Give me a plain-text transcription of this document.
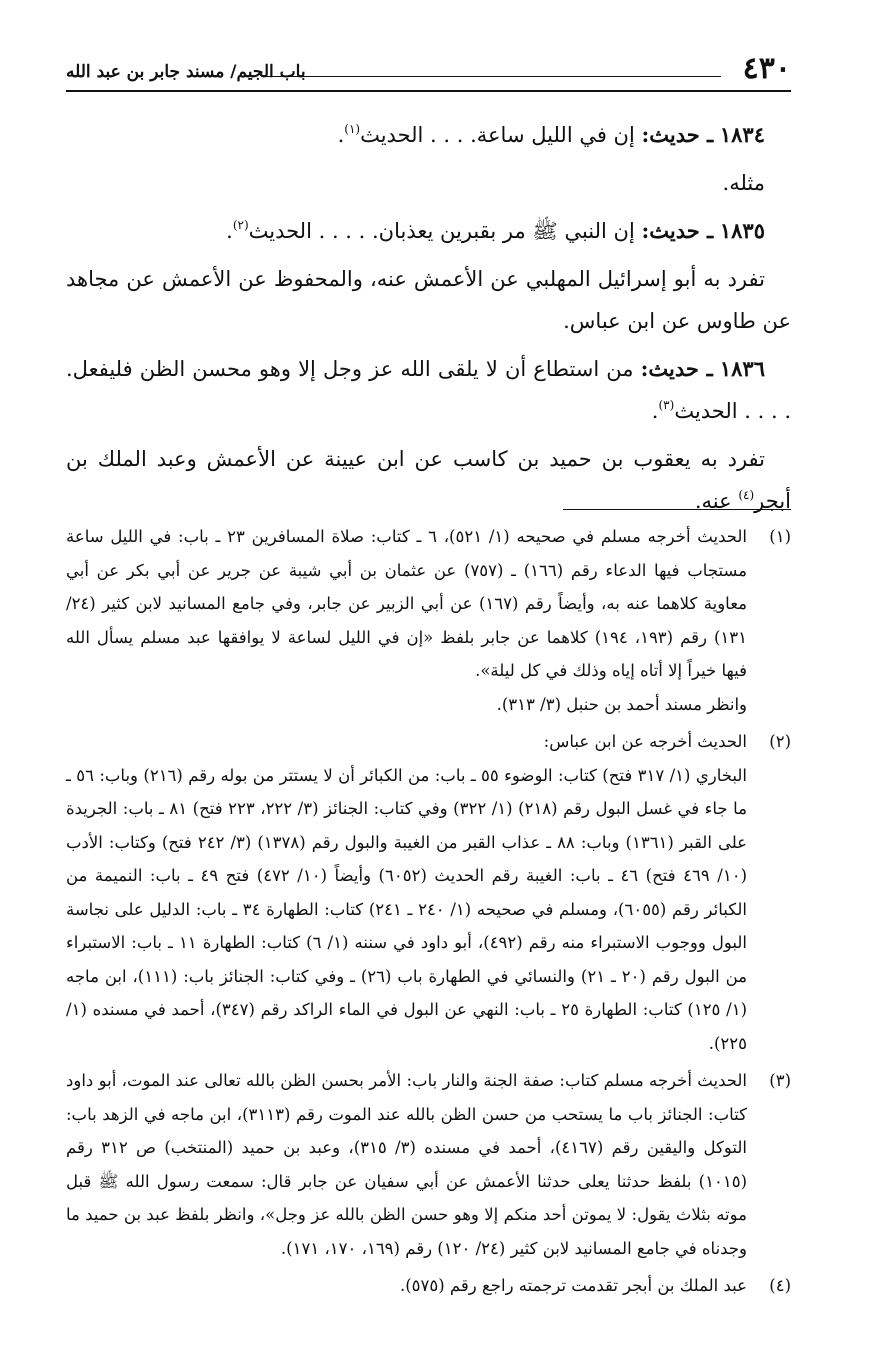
٤٣٠
باب الجيم/ مسند جابر بن عبد الله

١٨٣٤ ـ حديث: إن في الليل ساعة. . . . الحديث$^{(١)}$.

مثله.

١٨٣٥ ـ حديث: إن النبي ﷺ مر بقبرين يعذبان. . . . . الحديث$^{(٢)}$.

تفرد به أبو إسرائيل المهلبي عن الأعمش عنه، والمحفوظ عن الأعمش عن مجاهد عن طاوس عن ابن عباس.

١٨٣٦ ـ حديث: من استطاع أن لا يلقى الله عز وجل إلا وهو محسن الظن فليفعل. . . . . الحديث$^{(٣)}$.

تفرد به يعقوب بن حميد بن كاسب عن ابن عيينة عن الأعمش وعبد الملك بن أبجر$^{(٤)}$ عنه.

(١)

الحديث أخرجه مسلم في صحيحه (١/ ٥٢١)، ٦ ـ كتاب: صلاة المسافرين ٢٣ ـ باب: في الليل ساعة مستجاب فيها الدعاء رقم (١٦٦) ـ (٧٥٧) عن عثمان بن أبي شيبة عن جرير عن أبي بكر عن أبي معاوية كلاهما عنه به، وأيضاً رقم (١٦٧) عن أبي الزبير عن جابر، وفي جامع المسانيد لابن كثير (٢٤/ ١٣١) رقم (١٩٣، ١٩٤) كلاهما عن جابر بلفظ «إن في الليل لساعة لا يوافقها عبد مسلم يسأل الله فيها خيراً إلا أتاه إياه وذلك في كل ليلة».

وانظر مسند أحمد بن حنبل (٣/ ٣١٣).

(٢)

الحديث أخرجه عن ابن عباس:

البخاري (١/ ٣١٧ فتح) كتاب: الوضوء ٥٥ ـ باب: من الكبائر أن لا يستتر من بوله رقم (٢١٦) وباب: ٥٦ ـ ما جاء في غسل البول رقم (٢١٨) (١/ ٣٢٢) وفي كتاب: الجنائز (٣/ ٢٢٢، ٢٢٣ فتح) ٨١ ـ باب: الجريدة على القبر (١٣٦١) وباب: ٨٨ ـ عذاب القبر من الغيبة والبول رقم (١٣٧٨) (٣/ ٢٤٢ فتح) وكتاب: الأدب (١٠/ ٤٦٩ فتح) ٤٦ ـ باب: الغيبة رقم الحديث (٦٠٥٢) وأيضاً (١٠/ ٤٧٢) فتح ٤٩ ـ باب: النميمة من الكبائر رقم (٦٠٥٥)، ومسلم في صحيحه (١/ ٢٤٠ ـ ٢٤١) كتاب: الطهارة ٣٤ ـ باب: الدليل على نجاسة البول ووجوب الاستبراء منه رقم (٤٩٢)، أبو داود في سننه (١/ ٦) كتاب: الطهارة ١١ ـ باب: الاستبراء من البول رقم (٢٠ ـ ٢١) والنسائي في الطهارة باب (٢٦) ـ وفي كتاب: الجنائز باب: (١١١)، ابن ماجه (١/ ١٢٥) كتاب: الطهارة ٢٥ ـ باب: النهي عن البول في الماء الراكد رقم (٣٤٧)، أحمد في مسنده (١/ ٢٢٥).

(٣)

الحديث أخرجه مسلم كتاب: صفة الجنة والنار باب: الأمر بحسن الظن بالله تعالى عند الموت، أبو داود كتاب: الجنائز باب ما يستحب من حسن الظن بالله عند الموت رقم (٣١١٣)، ابن ماجه في الزهد باب: التوكل واليقين رقم (٤١٦٧)، أحمد في مسنده (٣/ ٣١٥)، وعبد بن حميد (المنتخب) ص ٣١٢ رقم (١٠١٥) بلفظ حدثنا يعلى حدثنا الأعمش عن أبي سفيان عن جابر قال: سمعت رسول الله ﷺ قبل موته بثلاث يقول: لا يموتن أحد منكم إلا وهو حسن الظن بالله عز وجل»، وانظر بلفظ عبد بن حميد ما وجدناه في جامع المسانيد لابن كثير (٢٤/ ١٢٠) رقم (١٦٩، ١٧٠، ١٧١).

(٤)

عبد الملك بن أبجر تقدمت ترجمته راجع رقم (٥٧٥).
